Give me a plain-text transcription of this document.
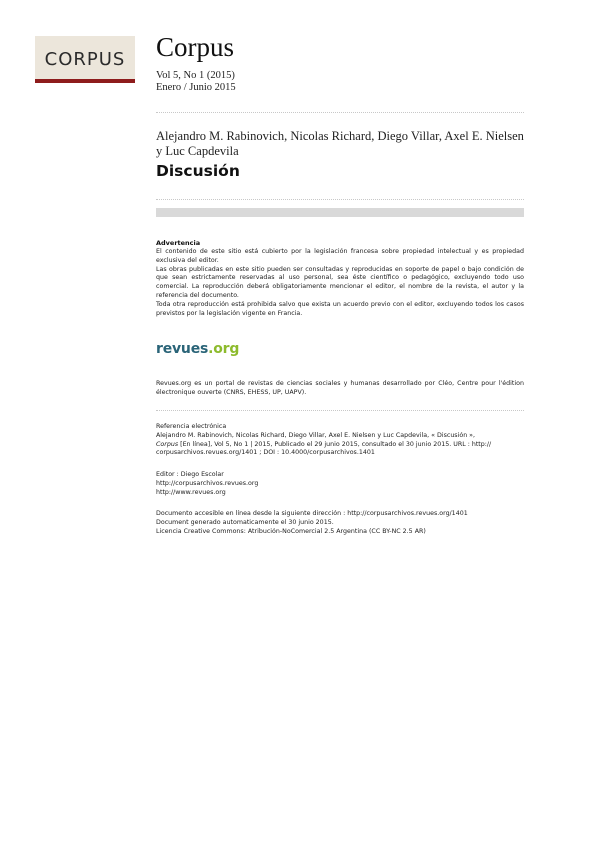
CORPUS	Corpus
Vol 5, No 1 (2015)
Enero / Junio 2015
Alejandro M. Rabinovich, Nicolas Richard, Diego Villar, Axel E. Nielsen
y Luc Capdevila
Discusión
Advertencia

El contenido de este sitio está cubierto por la legislación francesa sobre propiedad intelectual y es propiedad exclusiva del editor.

Las obras publicadas en este sitio pueden ser consultadas y reproducidas en soporte de papel o bajo condición de que sean estrictamente reservadas al uso personal, sea éste científico o pedagógico, excluyendo todo uso comercial. La reproducción deberá obligatoriamente mencionar el editor, el nombre de la revista, el autor y la referencia del documento.

Toda otra reproducción está prohibida salvo que exista un acuerdo previo con el editor, excluyendo todos los casos previstos por la legislación vigente en Francia.

revues.org
Revues.org es un portal de revistas de ciencias sociales y humanas desarrollado por Cléo, Centre pour l'édition électronique ouverte (CNRS, EHESS, UP, UAPV).
Referencia electrónica
Alejandro M. Rabinovich, Nicolas Richard, Diego Villar, Axel E. Nielsen y Luc Capdevila, « Discusión »,
Corpus [En línea], Vol 5, No 1 | 2015, Publicado el 29 junio 2015, consultado el 30 junio 2015. URL : http://
corpusarchivos.revues.org/1401 ; DOI : 10.4000/corpusarchivos.1401
Editor : Diego Escolar
http://corpusarchivos.revues.org
http://www.revues.org
Documento accesible en línea desde la siguiente dirección : http://corpusarchivos.revues.org/1401
Document generado automaticamente el 30 junio 2015.
Licencia Creative Commons: Atribución-NoComercial 2.5 Argentina (CC BY-NC 2.5 AR)
